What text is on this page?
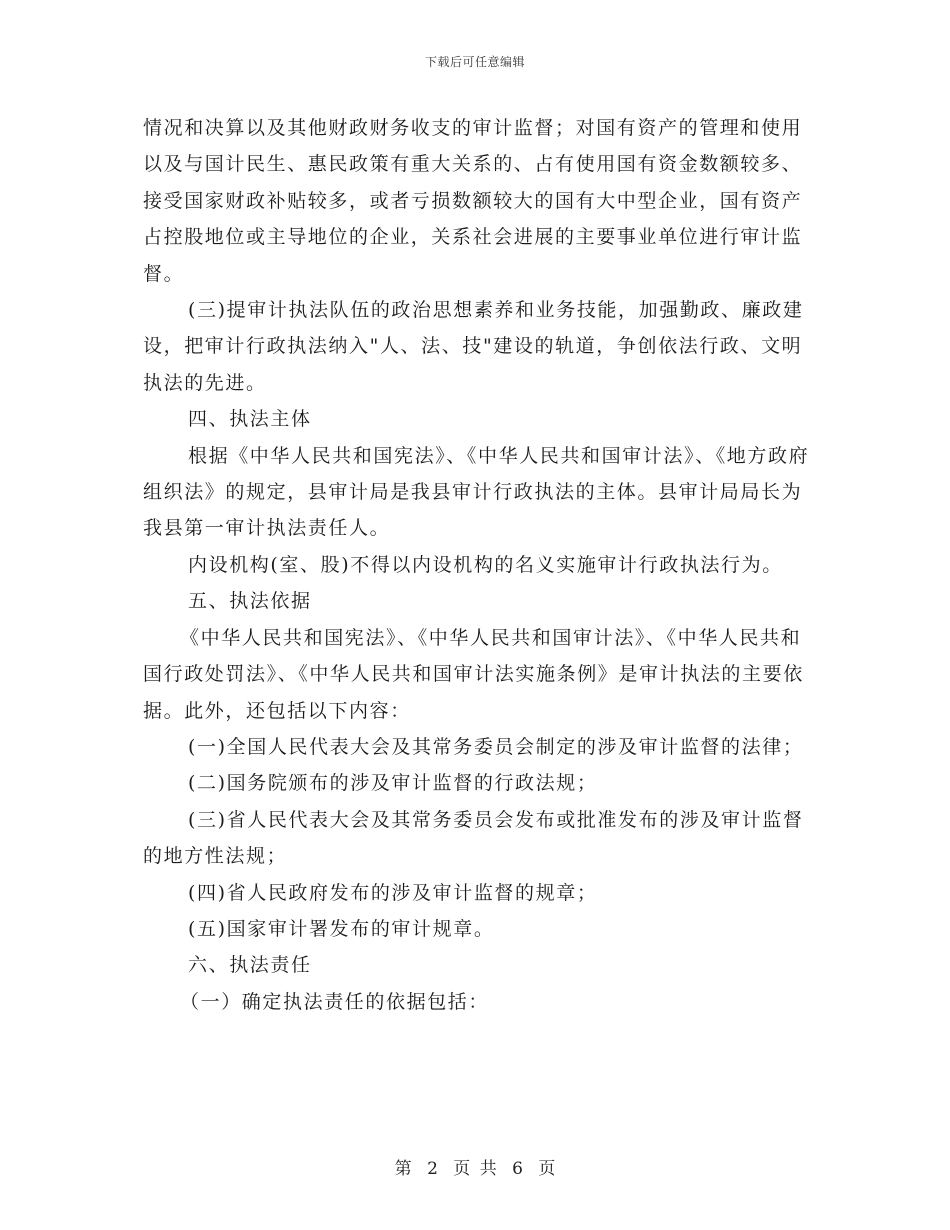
下载后可任意编辑

情况和决算以及其他财政财务收支的审计监督；对国有资产的管理和使用以及与国计民生、惠民政策有重大关系的、占有使用国有资金数额较多、接受国家财政补贴较多，或者亏损数额较大的国有大中型企业，国有资产占控股地位或主导地位的企业，关系社会进展的主要事业单位进行审计监督。

(三)提审计执法队伍的政治思想素养和业务技能，加强勤政、廉政建设，把审计行政执法纳入"人、法、技"建设的轨道，争创依法行政、文明执法的先进。

四、执法主体

根据《中华人民共和国宪法》、《中华人民共和国审计法》、《地方政府组织法》的规定，县审计局是我县审计行政执法的主体。县审计局局长为我县第一审计执法责任人。

内设机构(室、股)不得以内设机构的名义实施审计行政执法行为。

五、执法依据

《中华人民共和国宪法》、《中华人民共和国审计法》、《中华人民共和国行政处罚法》、《中华人民共和国审计法实施条例》是审计执法的主要依据。此外，还包括以下内容：

(一)全国人民代表大会及其常务委员会制定的涉及审计监督的法律；

(二)国务院颁布的涉及审计监督的行政法规；

(三)省人民代表大会及其常务委员会发布或批准发布的涉及审计监督的地方性法规；

(四)省人民政府发布的涉及审计监督的规章；

(五)国家审计署发布的审计规章。

六、执法责任

（一）确定执法责任的依据包括：

第 2 页 共 6 页
